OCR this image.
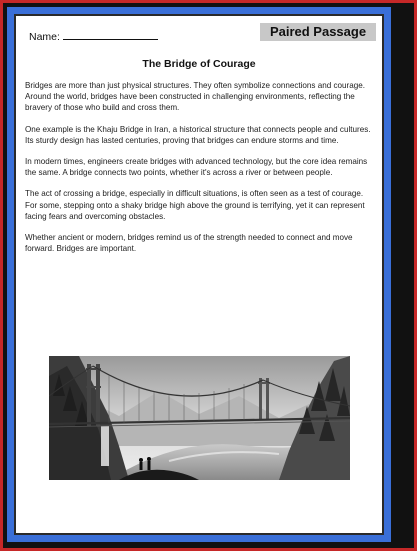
Name:	Paired Passage
The Bridge of Courage

Bridges are more than just physical structures. They often symbolize connections and courage. Around the world, bridges have been constructed in challenging environments, reflecting the bravery of those who build and cross them.

One example is the Khaju Bridge in Iran, a historical structure that connects people and cultures. Its sturdy design has lasted centuries, proving that bridges can endure storms and time.

In modern times, engineers create bridges with advanced technology, but the core idea remains the same. A bridge connects two points, whether it's across a river or between people.

The act of crossing a bridge, especially in difficult situations, is often seen as a test of courage. For some, stepping onto a shaky bridge high above the ground is terrifying, yet it can represent facing fears and overcoming obstacles.

Whether ancient or modern, bridges remind us of the strength needed to connect and move forward. Bridges are important.
